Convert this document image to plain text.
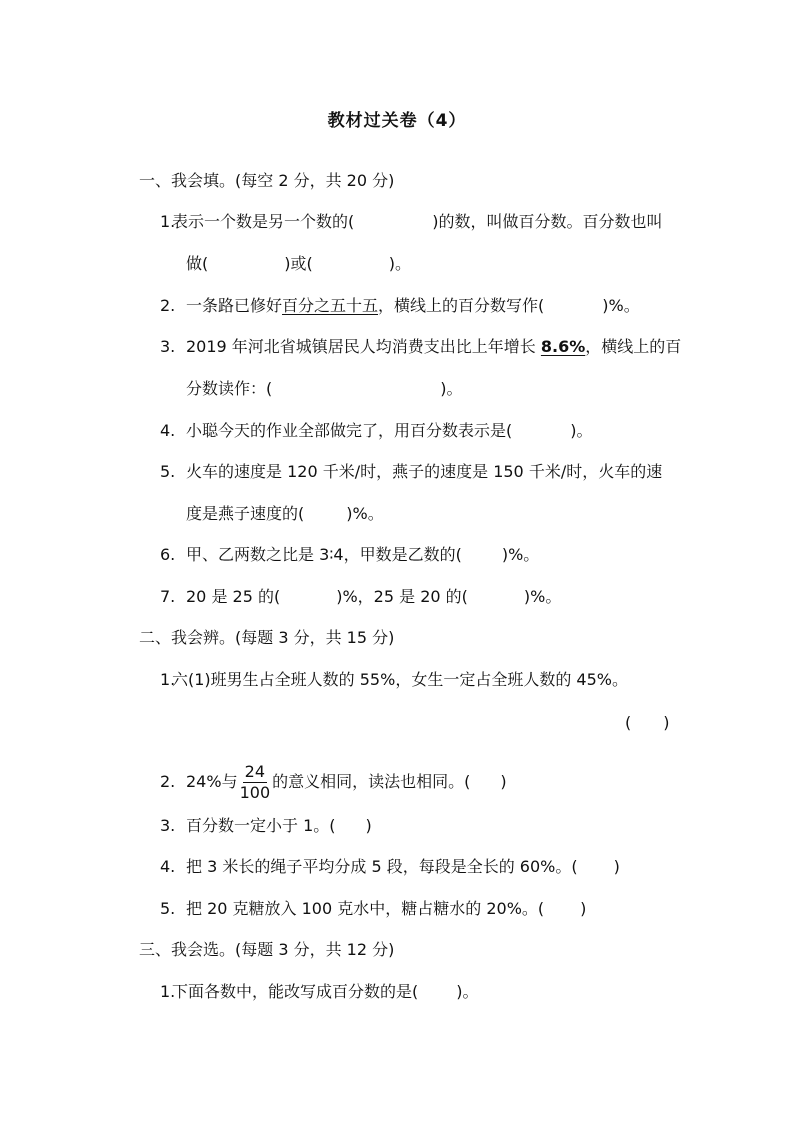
教材过关卷（4）
一、我会填。(每空 2 分，共 20 分)
1.表示一个数是另一个数的(	)的数，叫做百分数。百分数也叫
做(	)或(	)。
2. 一条路已修好百分之五十五，横线上的百分数写作(	)%。
3. 2019 年河北省城镇居民人均消费支出比上年增长 8.6%，横线上的百
分数读作：(	)。
4. 小聪今天的作业全部做完了，用百分数表示是(	)。
5. 火车的速度是 120 千米/时，燕子的速度是 150 千米/时，火车的速
度是燕子速度的(	)%。
6. 甲、乙两数之比是 3∶4，甲数是乙数的(	)%。
7. 20 是 25 的(	)%，25 是 20 的(	)%。
二、我会辨。(每题 3 分，共 15 分)
1.六(1)班男生占全班人数的 55%，女生一定占全班人数的 45%。
(　　)
2. 24%与 $\frac{24}{100}$ 的意义相同，读法也相同。( )
3. 百分数一定小于 1。( )
4. 把 3 米长的绳子平均分成 5 段，每段是全长的 60%。( )
5. 把 20 克糖放入 100 克水中，糖占糖水的 20%。( )
三、我会选。(每题 3 分，共 12 分)
1.下面各数中，能改写成百分数的是( )。
